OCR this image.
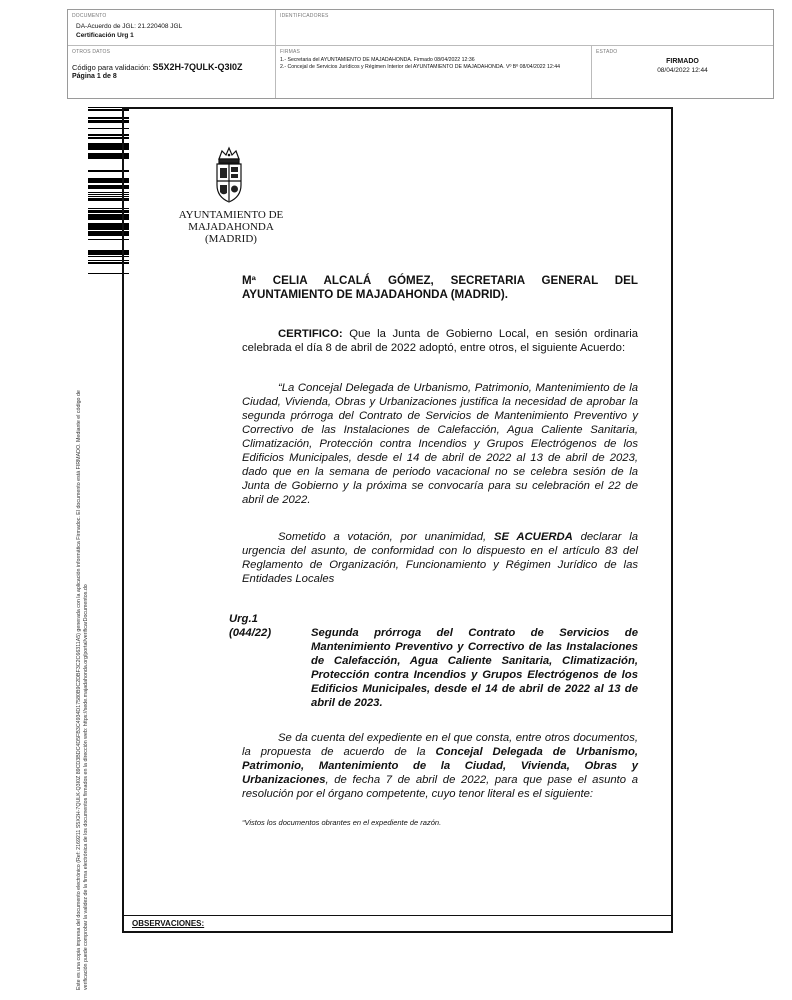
DOCUMENTO
DA-Acuerdo de JGL: 21.220408 JGL
Certificación Urg 1
IDENTIFICADORES
OTROS DATOS
Código para validación: S5X2H-7QULK-Q3I0Z
Página 1 de 8
FIRMAS
1.- Secretaria del AYUNTAMIENTO DE MAJADAHONDA. Firmado 08/04/2022 12:36
2.- Concejal de Servicios Jurídicos y Régimen Interior del AYUNTAMIENTO DE MAJADAHONDA. Vº Bº 08/04/2022 12:44
ESTADO
FIRMADO
08/04/2022 12:44
Este es una copia impresa del documento electrónico (Ref: 2169211 S5X2H-7QULK-Q3I0Z 89CD3BDC4D5FB3C4934D17580B9C2DBF3C2C66311A5) generada con la aplicación informática Firmadoc. El documento está FIRMADO. Mediante el código de verificación puede comprobar la validez de la firma electrónica de los documentos firmados en la dirección web: https://sede.majadahonda.org/portal/verificarDocumentos.do	OBSERVACIONES:
AYUNTAMIENTO DE
MAJADAHONDA
(MADRID)
Mª CELIA ALCALÁ GÓMEZ, SECRETARIA GENERAL DEL AYUNTAMIENTO DE MAJADAHONDA (MADRID).
CERTIFICO: Que la Junta de Gobierno Local, en sesión ordinaria celebrada el día 8 de abril de 2022 adoptó, entre otros, el siguiente Acuerdo:
“La Concejal Delegada de Urbanismo, Patrimonio, Mantenimiento de la Ciudad, Vivienda, Obras y Urbanizaciones justifica la necesidad de aprobar la segunda prórroga del Contrato de Servicios de Mantenimiento Preventivo y Correctivo de las Instalaciones de Calefacción, Agua Caliente Sanitaria, Climatización, Protección contra Incendios y Grupos Electrógenos de los Edificios Municipales, desde el 14 de abril de 2022 al 13 de abril de 2023, dado que en la semana de periodo vacacional no se celebra sesión de la Junta de Gobierno y la próxima se convocaría para su celebración el 22 de abril de 2022.
Sometido a votación, por unanimidad, SE ACUERDA declarar la urgencia del asunto, de conformidad con lo dispuesto en el artículo 83 del Reglamento de Organización, Funcionamiento y Régimen Jurídico de las Entidades Locales
Urg.1
(044/22)	Segunda prórroga del Contrato de Servicios de Mantenimiento Preventivo y Correctivo de las Instalaciones de Calefacción, Agua Caliente Sanitaria, Climatización, Protección contra Incendios y Grupos Electrógenos de los Edificios Municipales, desde el 14 de abril de 2022 al 13 de abril de 2023.
Se da cuenta del expediente en el que consta, entre otros documentos, la propuesta de acuerdo de la Concejal Delegada de Urbanismo, Patrimonio, Mantenimiento de la Ciudad, Vivienda, Obras y Urbanizaciones, de fecha 7 de abril de 2022, para que pase el asunto a resolución por el órgano competente, cuyo tenor literal es el siguiente:
“Vistos los documentos obrantes en el expediente de razón.
